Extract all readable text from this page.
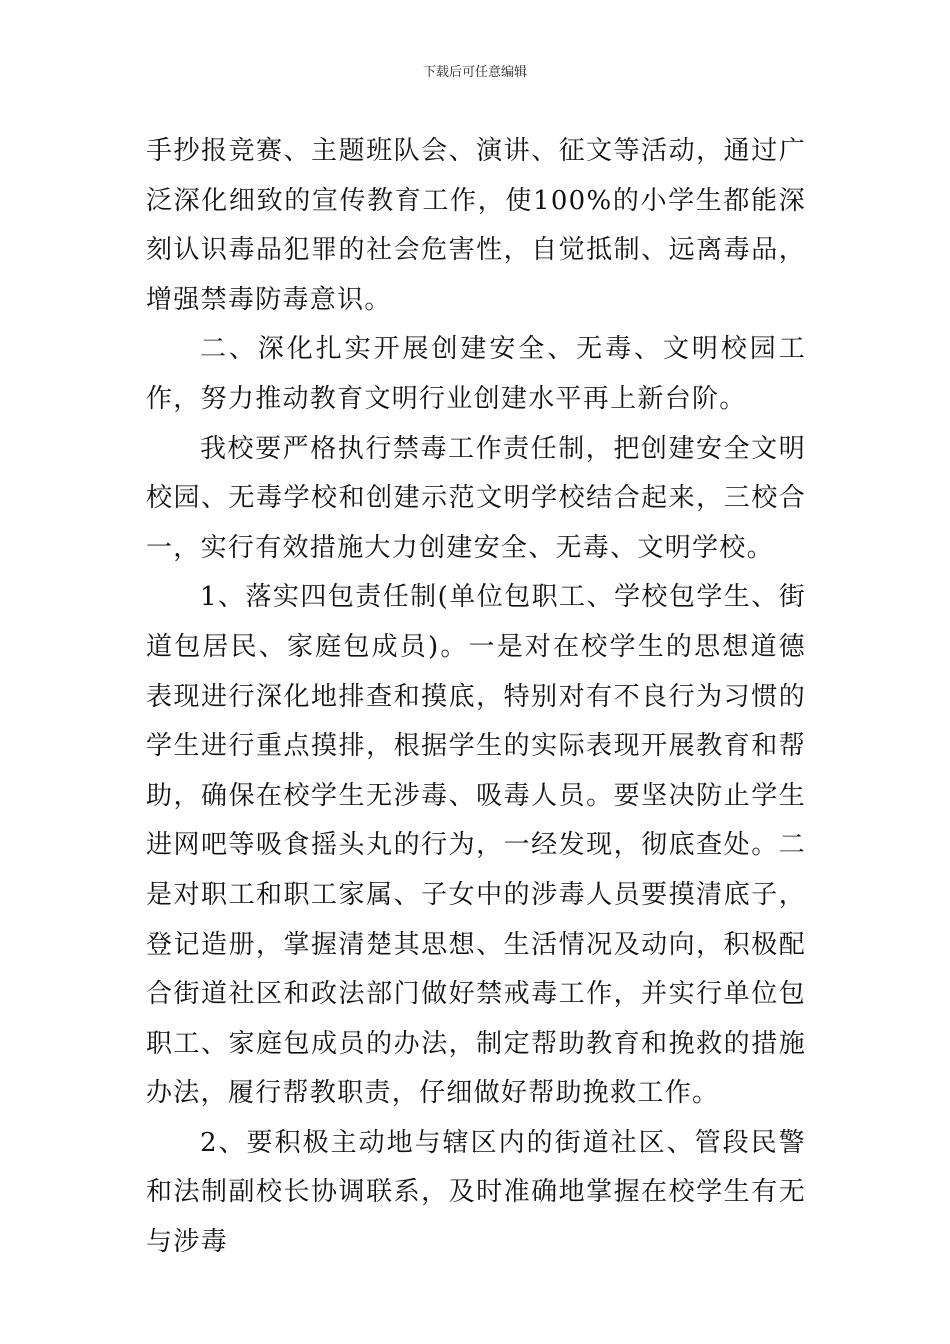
下载后可任意编辑

手抄报竞赛、主题班队会、演讲、征文等活动，通过广泛深化细致的宣传教育工作，使100%的小学生都能深刻认识毒品犯罪的社会危害性，自觉抵制、远离毒品，增强禁毒防毒意识。

二、深化扎实开展创建安全、无毒、文明校园工作，努力推动教育文明行业创建水平再上新台阶。

我校要严格执行禁毒工作责任制，把创建安全文明校园、无毒学校和创建示范文明学校结合起来，三校合一，实行有效措施大力创建安全、无毒、文明学校。

1、落实四包责任制(单位包职工、学校包学生、街道包居民、家庭包成员)。一是对在校学生的思想道德表现进行深化地排查和摸底，特别对有不良行为习惯的学生进行重点摸排，根据学生的实际表现开展教育和帮助，确保在校学生无涉毒、吸毒人员。要坚决防止学生进网吧等吸食摇头丸的行为，一经发现，彻底查处。二是对职工和职工家属、子女中的涉毒人员要摸清底子，登记造册，掌握清楚其思想、生活情况及动向，积极配合街道社区和政法部门做好禁戒毒工作，并实行单位包职工、家庭包成员的办法，制定帮助教育和挽救的措施办法，履行帮教职责，仔细做好帮助挽救工作。

2、要积极主动地与辖区内的街道社区、管段民警和法制副校长协调联系，及时准确地掌握在校学生有无与涉毒
